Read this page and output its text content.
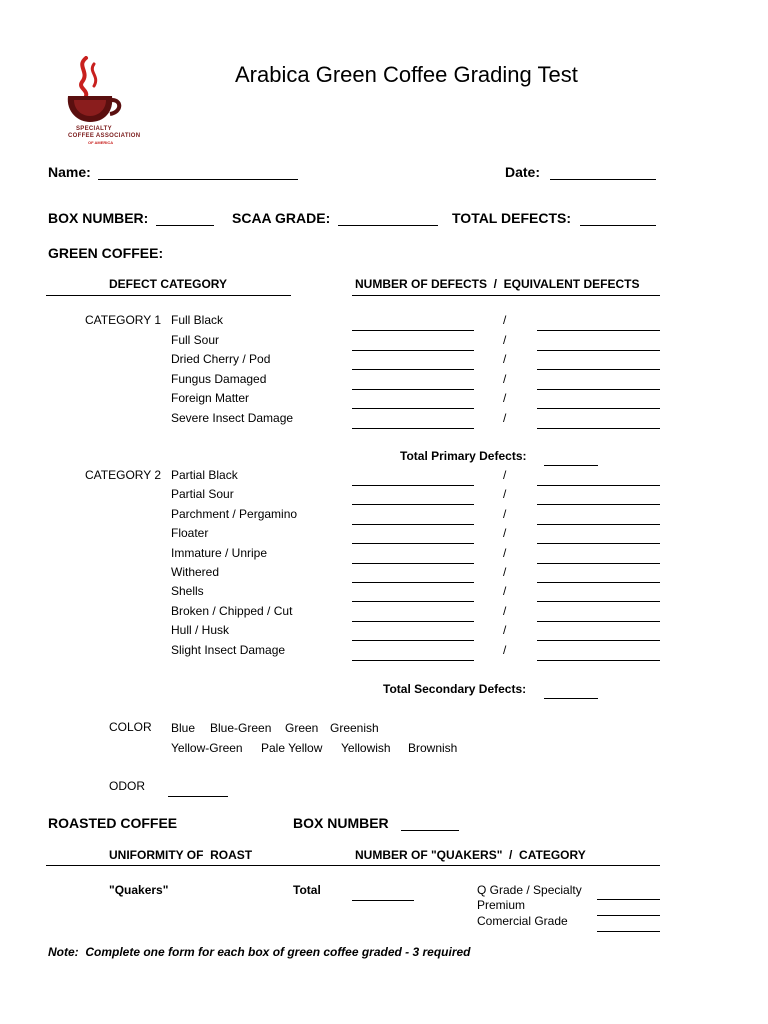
SPECIALTY
COFFEE ASSOCIATION
OF AMERICA
Arabica Green Coffee Grading Test
Name:	Date:
BOX NUMBER:	SCAA GRADE:	TOTAL DEFECTS:
GREEN COFFEE:
DEFECT CATEGORY	NUMBER OF DEFECTS  /  EQUIVALENT DEFECTS
CATEGORY 1 Full Black	/
Full Sour	/
Dried Cherry / Pod	/
Fungus Damaged	/
Foreign Matter	/
Severe Insect Damage	/
Total Primary Defects:
CATEGORY 2 Partial Black	/
Partial Sour	/
Parchment / Pergamino	/
Floater	/
Immature / Unripe	/
Withered	/
Shells	/
Broken / Chipped / Cut	/
Hull / Husk	/
Slight Insect Damage	/
Total Secondary Defects:
COLOR Blue Blue-Green Green Greenish
Yellow-Green Pale Yellow Yellowish Brownish
ODOR
ROASTED COFFEE	BOX NUMBER
UNIFORMITY OF  ROAST	NUMBER OF "QUAKERS"  /  CATEGORY
"Quakers"	Total	Q Grade / Specialty
Premium
Comercial Grade
Note:  Complete one form for each box of green coffee graded - 3 required
